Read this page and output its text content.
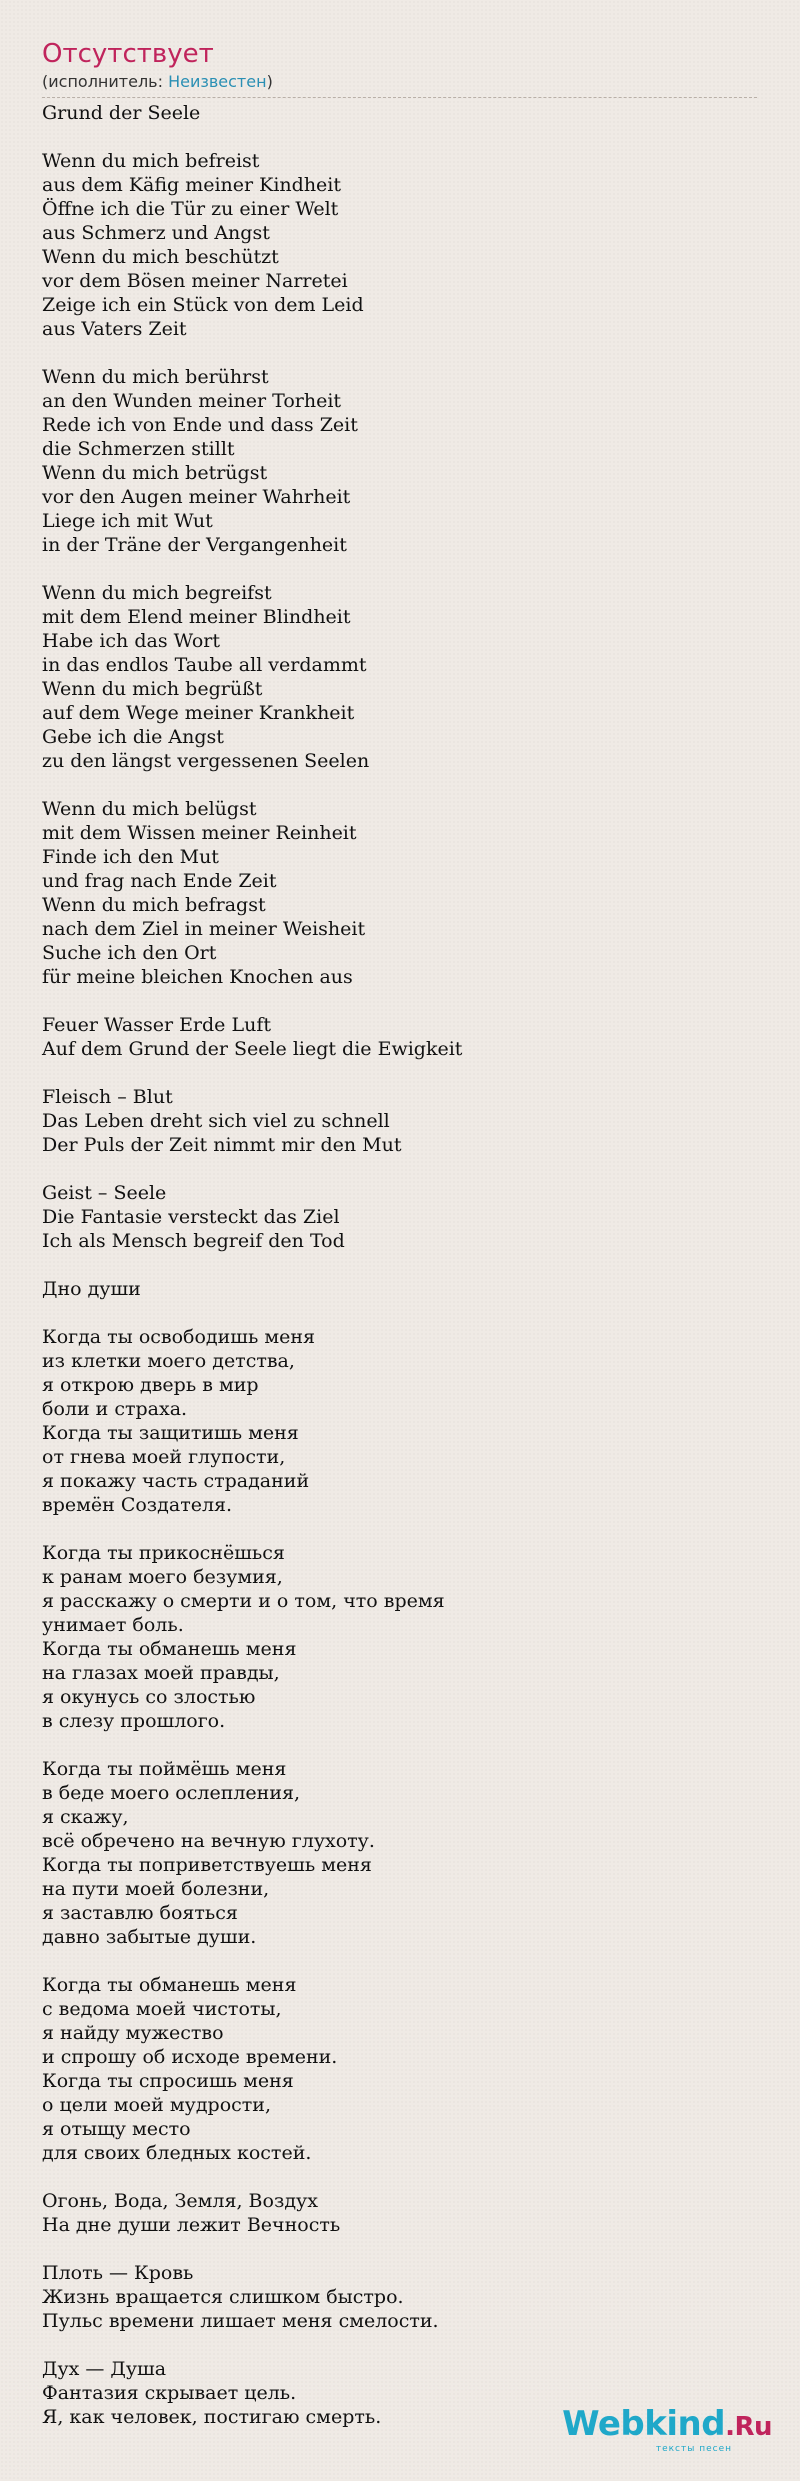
Отсутствует
(исполнитель: Неизвестен)
Grund der Seele
Wenn du mich befreist
aus dem Käfig meiner Kindheit
Öffne ich die Tür zu einer Welt
aus Schmerz und Angst
Wenn du mich beschützt
vor dem Bösen meiner Narretei
Zeige ich ein Stück von dem Leid
aus Vaters Zeit
Wenn du mich berührst
an den Wunden meiner Torheit
Rede ich von Ende und dass Zeit
die Schmerzen stillt
Wenn du mich betrügst
vor den Augen meiner Wahrheit
Liege ich mit Wut
in der Träne der Vergangenheit
Wenn du mich begreifst
mit dem Elend meiner Blindheit
Habe ich das Wort
in das endlos Taube all verdammt
Wenn du mich begrüßt
auf dem Wege meiner Krankheit
Gebe ich die Angst
zu den längst vergessenen Seelen
Wenn du mich belügst
mit dem Wissen meiner Reinheit
Finde ich den Mut
und frag nach Ende Zeit
Wenn du mich befragst
nach dem Ziel in meiner Weisheit
Suche ich den Ort
für meine bleichen Knochen aus
Feuer Wasser Erde Luft
Auf dem Grund der Seele liegt die Ewigkeit
Fleisch – Blut
Das Leben dreht sich viel zu schnell
Der Puls der Zeit nimmt mir den Mut
Geist – Seele
Die Fantasie versteckt das Ziel
Ich als Mensch begreif den Tod
Дно души
Когда ты освободишь меня
из клетки моего детства,
я открою дверь в мир
боли и страха.
Когда ты защитишь меня
от гнева моей глупости,
я покажу часть страданий
времён Создателя.
Когда ты прикоснёшься
к ранам моего безумия,
я расскажу о смерти и о том, что время
унимает боль.
Когда ты обманешь меня
на глазах моей правды,
я окунусь со злостью
в слезу прошлого.
Когда ты поймёшь меня
в беде моего ослепления,
я скажу,
всё обречено на вечную глухоту.
Когда ты поприветствуешь меня
на пути моей болезни,
я заставлю бояться
давно забытые души.
Когда ты обманешь меня
с ведома моей чистоты,
я найду мужество
и спрошу об исходе времени.
Когда ты спросишь меня
о цели моей мудрости,
я отыщу место
для своих бледных костей.
Огонь, Вода, Земля, Воздух
На дне души лежит Вечность
Плоть — Кровь
Жизнь вращается слишком быстро.
Пульс времени лишает меня смелости.
Дух — Душа
Фантазия скрывает цель.
Я, как человек, постигаю смерть.	Webkind.Ru
тексты песен
